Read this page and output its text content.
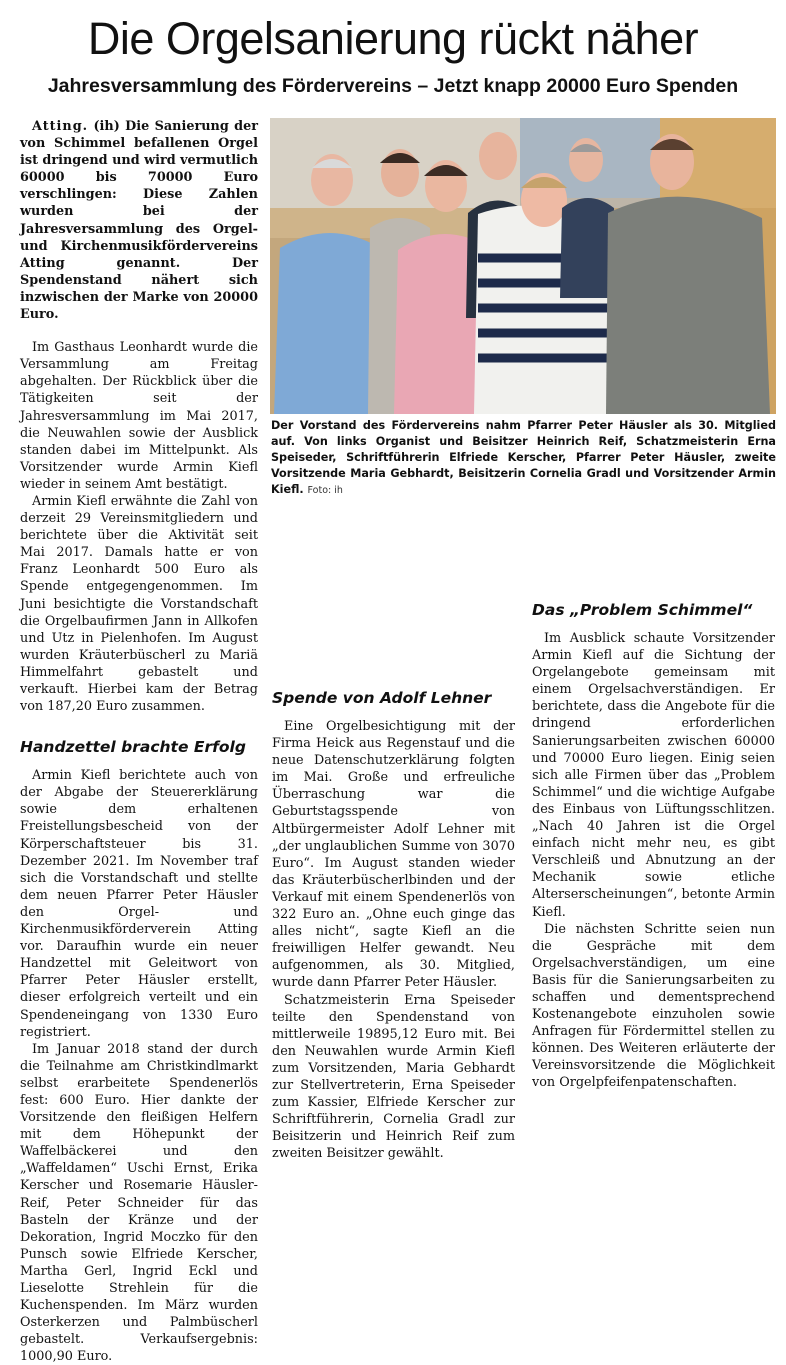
Die Orgelsanierung rückt näher
Jahresversammlung des Fördervereins – Jetzt knapp 20000 Euro Spenden

Atting. (ih) Die Sanierung der von Schimmel befallenen Orgel ist dringend und wird vermutlich 60000 bis 70000 Euro verschlingen: Diese Zahlen wurden bei der Jahresversammlung des Orgel- und Kirchenmusikfördervereins Atting genannt. Der Spendenstand nähert sich inzwischen der Marke von 20000 Euro.

Im Gasthaus Leonhardt wurde die Versammlung am Freitag abgehalten. Der Rückblick über die Tätigkeiten seit der Jahresversammlung im Mai 2017, die Neuwahlen sowie der Ausblick standen dabei im Mittelpunkt. Als Vorsitzender wurde Armin Kiefl wieder in seinem Amt bestätigt.

Armin Kiefl erwähnte die Zahl von derzeit 29 Vereinsmitgliedern und berichtete über die Aktivität seit Mai 2017. Damals hatte er von Franz Leonhardt 500 Euro als Spende entgegengenommen. Im Juni besichtigte die Vorstandschaft die Orgelbaufirmen Jann in Allkofen und Utz in Pielenhofen. Im August wurden Kräuterbüscherl zu Mariä Himmelfahrt gebastelt und verkauft. Hierbei kam der Betrag von 187,20 Euro zusammen.

Handzettel brachte Erfolg

Armin Kiefl berichtete auch von der Abgabe der Steuererklärung sowie dem erhaltenen Freistellungsbescheid von der Körperschaftsteuer bis 31. Dezember 2021. Im November traf sich die Vorstandschaft und stellte dem neuen Pfarrer Peter Häusler den Orgel- und Kirchenmusikförderverein Atting vor. Daraufhin wurde ein neuer Handzettel mit Geleitwort von Pfarrer Peter Häusler erstellt, dieser erfolgreich verteilt und ein Spendeneingang von 1330 Euro registriert.

Im Januar 2018 stand der durch die Teilnahme am Christkindlmarkt selbst erarbeitete Spendenerlös fest: 600 Euro. Hier dankte der Vorsitzende den fleißigen Helfern mit dem Höhepunkt der Waffelbäckerei und den „Waffeldamen“ Uschi Ernst, Erika Kerscher und Rosemarie Häusler-Reif, Peter Schneider für das Basteln der Kränze und der Dekoration, Ingrid Moczko für den Punsch sowie Elfriede Kerscher, Martha Gerl, Ingrid Eckl und Lieselotte Strehlein für die Kuchenspenden. Im März wurden Osterkerzen und Palmbüscherl gebastelt. Verkaufsergebnis: 1000,90 Euro.

Der Vorstand des Fördervereins nahm Pfarrer Peter Häusler als 30. Mitglied auf. Von links Organist und Beisitzer Heinrich Reif, Schatzmeisterin Erna Speiseder, Schriftführerin Elfriede Kerscher, Pfarrer Peter Häusler, zweite Vorsitzende Maria Gebhardt, Beisitzerin Cornelia Gradl und Vorsitzender Armin Kiefl. Foto: ih
Spende von Adolf Lehner

Eine Orgelbesichtigung mit der Firma Heick aus Regenstauf und die neue Datenschutzerklärung folgten im Mai. Große und erfreuliche Überraschung war die Geburtstagsspende von Altbürgermeister Adolf Lehner mit „der unglaublichen Summe von 3070 Euro“. Im August standen wieder das Kräuterbüscherlbinden und der Verkauf mit einem Spendenerlös von 322 Euro an. „Ohne euch ginge das alles nicht“, sagte Kiefl an die freiwilligen Helfer gewandt. Neu aufgenommen, als 30. Mitglied, wurde dann Pfarrer Peter Häusler.

Schatzmeisterin Erna Speiseder teilte den Spendenstand von mittlerweile 19895,12 Euro mit. Bei den Neuwahlen wurde Armin Kiefl zum Vorsitzenden, Maria Gebhardt zur Stellvertreterin, Erna Speiseder zum Kassier, Elfriede Kerscher zur Schriftführerin, Cornelia Gradl zur Beisitzerin und Heinrich Reif zum zweiten Beisitzer gewählt.

Das „Problem Schimmel“

Im Ausblick schaute Vorsitzender Armin Kiefl auf die Sichtung der Orgelangebote gemeinsam mit einem Orgelsachverständigen. Er berichtete, dass die Angebote für die dringend erforderlichen Sanierungsarbeiten zwischen 60000 und 70000 Euro liegen. Einig seien sich alle Firmen über das „Problem Schimmel“ und die wichtige Aufgabe des Einbaus von Lüftungsschlitzen. „Nach 40 Jahren ist die Orgel einfach nicht mehr neu, es gibt Verschleiß und Abnutzung an der Mechanik sowie etliche Alterserscheinungen“, betonte Armin Kiefl.

Die nächsten Schritte seien nun die Gespräche mit dem Orgelsachverständigen, um eine Basis für die Sanierungsarbeiten zu schaffen und dementsprechend Kostenangebote einzuholen sowie Anfragen für Fördermittel stellen zu können. Des Weiteren erläuterte der Vereinsvorsitzende die Möglichkeit von Orgelpfeifenpatenschaften.
